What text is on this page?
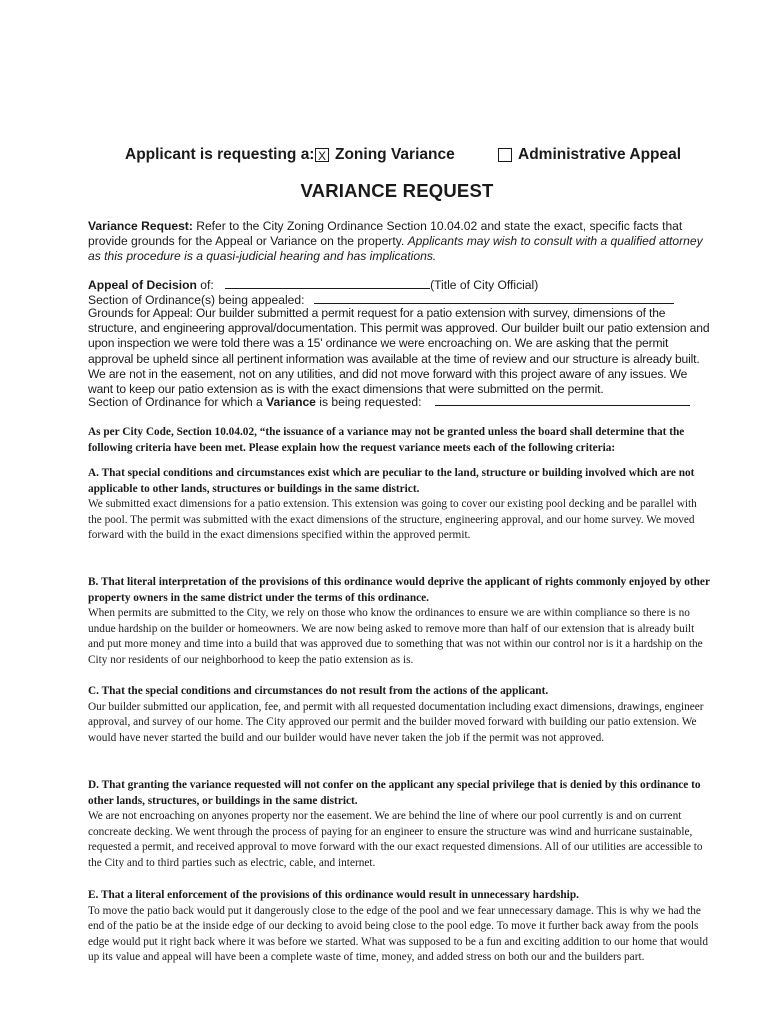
Applicant is requesting a: X Zoning Variance	Administrative Appeal
VARIANCE REQUEST
Variance Request: Refer to the City Zoning Ordinance Section 10.04.02 and state the exact, specific facts that provide grounds for the Appeal or Variance on the property. Applicants may wish to consult with a qualified attorney as this procedure is a quasi-judicial hearing and has implications.
Appeal of Decision of:	(Title of City Official)
Section of Ordinance(s) being appealed:
Grounds for Appeal: Our builder submitted a permit request for a patio extension with survey, dimensions of the structure, and engineering approval/documentation. This permit was approved. Our builder built our patio extension and upon inspection we were told there was a 15' ordinance we were encroaching on. We are asking that the permit approval be upheld since all pertinent information was available at the time of review and our structure is already built. We are not in the easement, not on any utilities, and did not move forward with this project aware of any issues. We want to keep our patio extension as is with the exact dimensions that were submitted on the permit.
Section of Ordinance for which a Variance is being requested:
As per City Code, Section 10.04.02, “the issuance of a variance may not be granted unless the board shall determine that the following criteria have been met. Please explain how the request variance meets each of the following criteria:

A. That special conditions and circumstances exist which are peculiar to the land, structure or building involved which are not applicable to other lands, structures or buildings in the same district.

We submitted exact dimensions for a patio extension. This extension was going to cover our existing pool decking and be parallel with the pool. The permit was submitted with the exact dimensions of the structure, engineering approval, and our home survey. We moved forward with the build in the exact dimensions specified within the approved permit.

B. That literal interpretation of the provisions of this ordinance would deprive the applicant of rights commonly enjoyed by other property owners in the same district under the terms of this ordinance.

When permits are submitted to the City, we rely on those who know the ordinances to ensure we are within compliance so there is no undue hardship on the builder or homeowners. We are now being asked to remove more than half of our extension that is already built and put more money and time into a build that was approved due to something that was not within our control nor is it a hardship on the City nor residents of our neighborhood to keep the patio extension as is.

C. That the special conditions and circumstances do not result from the actions of the applicant.

Our builder submitted our application, fee, and permit with all requested documentation including exact dimensions, drawings, engineer approval, and survey of our home. The City approved our permit and the builder moved forward with building our patio extension. We would have never started the build and our builder would have never taken the job if the permit was not approved.

D. That granting the variance requested will not confer on the applicant any special privilege that is denied by this ordinance to other lands, structures, or buildings in the same district.

We are not encroaching on anyones property nor the easement. We are behind the line of where our pool currently is and on current concreate decking. We went through the process of paying for an engineer to ensure the structure was wind and hurricane sustainable, requested a permit, and received approval to move forward with the our exact requested dimensions. All of our utilities are accessible to the City and to third parties such as electric, cable, and internet.

E. That a literal enforcement of the provisions of this ordinance would result in unnecessary hardship.

To move the patio back would put it dangerously close to the edge of the pool and we fear unnecessary damage. This is why we had the end of the patio be at the inside edge of our decking to avoid being close to the pool edge. To move it further back away from the pools edge would put it right back where it was before we started. What was supposed to be a fun and exciting addition to our home that would up its value and appeal will have been a complete waste of time, money, and added stress on both our and the builders part.
